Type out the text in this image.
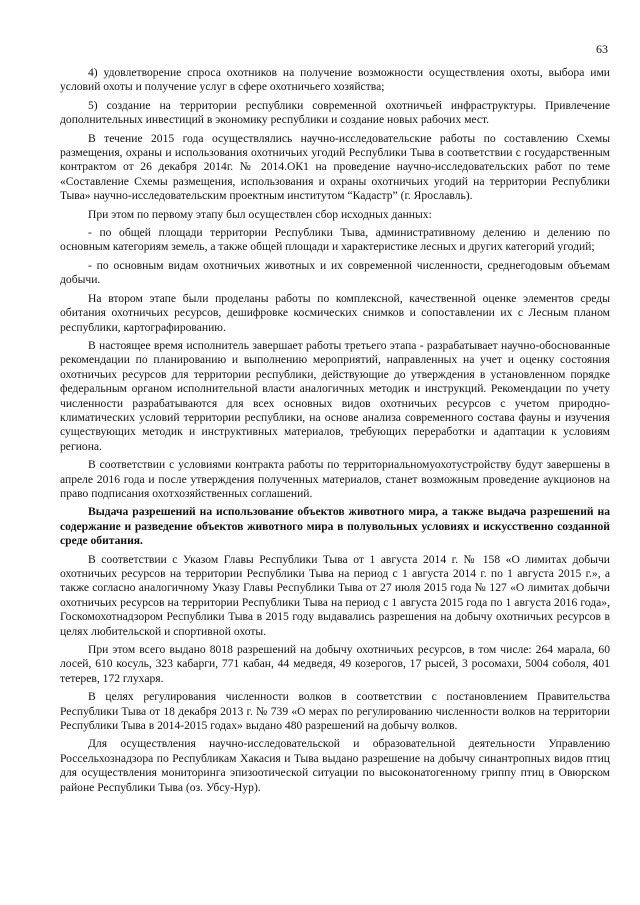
63

4) удовлетворение спроса охотников на получение возможности осуществления охоты, выбора ими условий охоты и получение услуг в сфере охотничьего хозяйства;

5) создание на территории республики современной охотничьей инфраструктуры. Привлечение дополнительных инвестиций в экономику республики и создание новых рабочих мест.

В течение 2015 года осуществлялись научно-исследовательские работы по составлению Схемы размещения, охраны и использования охотничьих угодий Республики Тыва в соответствии с государственным контрактом от 26 декабря 2014г. № 2014.ОК1 на проведение научно-исследовательских работ по теме «Составление Схемы размещения, использования и охраны охотничьих угодий на территории Республики Тыва» научно-исследовательским проектным институтом “Кадастр” (г. Ярославль).

При этом по первому этапу был осуществлен сбор исходных данных:

- по общей площади территории Республики Тыва, административному делению и делению по основным категориям земель, а также общей площади и характеристике лесных и других категорий угодий;

- по основным видам охотничьих животных и их современной численности, среднегодовым объемам добычи.

На втором этапе были проделаны работы по комплексной, качественной оценке элементов среды обитания охотничьих ресурсов, дешифровке космических снимков и сопоставлении их с Лесным планом республики, картографированию.

В настоящее время исполнитель завершает работы третьего этапа - разрабатывает научно-обоснованные рекомендации по планированию и выполнению мероприятий, направленных на учет и оценку состояния охотничьих ресурсов для территории республики, действующие до утверждения в установленном порядке федеральным органом исполнительной власти аналогичных методик и инструкций. Рекомендации по учету численности разрабатываются для всех основных видов охотничьих ресурсов с учетом природно-климатических условий территории республики, на основе анализа современного состава фауны и изучения существующих методик и инструктивных материалов, требующих переработки и адаптации к условиям региона.

В соответствии с условиями контракта работы по территориальномуохотустройству будут завершены в апреле 2016 года и после утверждения полученных материалов, станет возможным проведение аукционов на право подписания охотхозяйственных соглашений.

Выдача разрешений на использование объектов животного мира, а также выдача разрешений на содержание и разведение объектов животного мира в полувольных условиях и искусственно созданной среде обитания.

В соответствии с Указом Главы Республики Тыва от 1 августа 2014 г. № 158 «О лимитах добычи охотничьих ресурсов на территории Республики Тыва на период с 1 августа 2014 г. по 1 августа 2015 г.», а также согласно аналогичному Указу Главы Республики Тыва от 27 июля 2015 года № 127 «О лимитах добычи охотничьих ресурсов на территории Республики Тыва на период с 1 августа 2015 года по 1 августа 2016 года», Госкомохотнадзором Республики Тыва в 2015 году выдавались разрешения на добычу охотничьих ресурсов в целях любительской и спортивной охоты.

При этом всего выдано 8018 разрешений на добычу охотничьих ресурсов, в том числе: 264 марала, 60 лосей, 610 косуль, 323 кабарги, 771 кабан, 44 медведя, 49 козерогов, 17 рысей, 3 росомахи, 5004 соболя, 401 тетерев, 172 глухаря.

В целях регулирования численности волков в соответствии с постановлением Правительства Республики Тыва от 18 декабря 2013 г. № 739 «О мерах по регулированию численности волков на территории Республики Тыва в 2014-2015 годах» выдано 480 разрешений на добычу волков.

Для осуществления научно-исследовательской и образовательной деятельности Управлению Россельхознадзора по Республикам Хакасия и Тыва выдано разрешение на добычу синантропных видов птиц для осуществления мониторинга эпизоотической ситуации по высоконатогенному гриппу птиц в Овюрском районе Республики Тыва (оз. Убсу-Нур).
